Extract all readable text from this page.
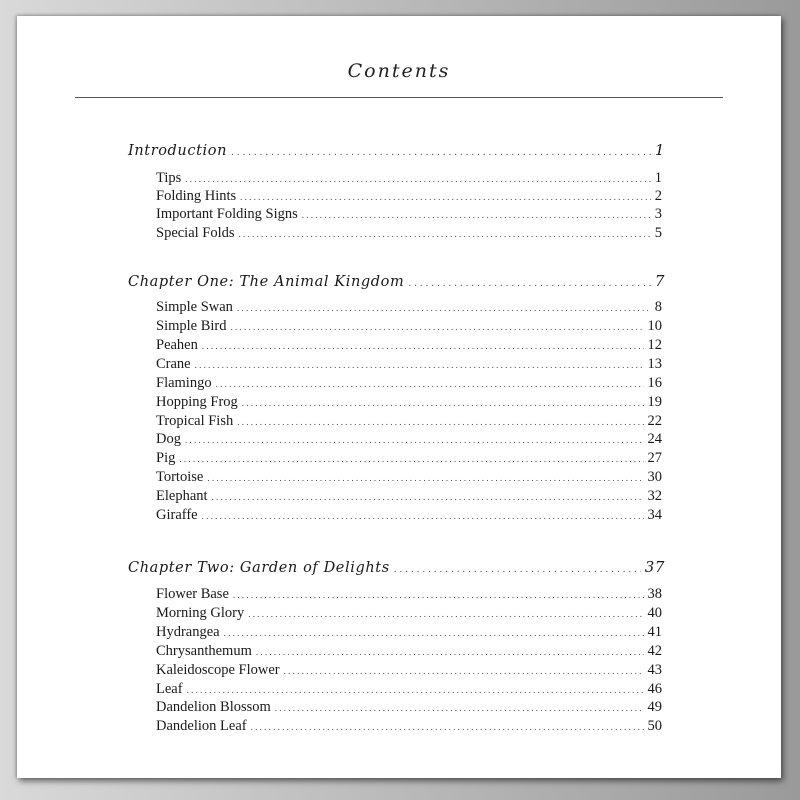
Contents
Introduction . . .	1
Tips . . .	1
Folding Hints . . .	2
Important Folding Signs . . .	3
Special Folds . . .	5
Chapter One: The Animal Kingdom . . .	7
Simple Swan . . .	8
Simple Bird . . .	10
Peahen . . .	12
Crane . . .	13
Flamingo . . .	16
Hopping Frog . . .	19
Tropical Fish . . .	22
Dog . . .	24
Pig . . .	27
Tortoise . . .	30
Elephant . . .	32
Giraffe . . .	34
Chapter Two: Garden of Delights . . .	37
Flower Base . . .	38
Morning Glory . . .	40
Hydrangea . . .	41
Chrysanthemum . . .	42
Kaleidoscope Flower . . .	43
Leaf . . .	46
Dandelion Blossom . . .	49
Dandelion Leaf . . .	50
